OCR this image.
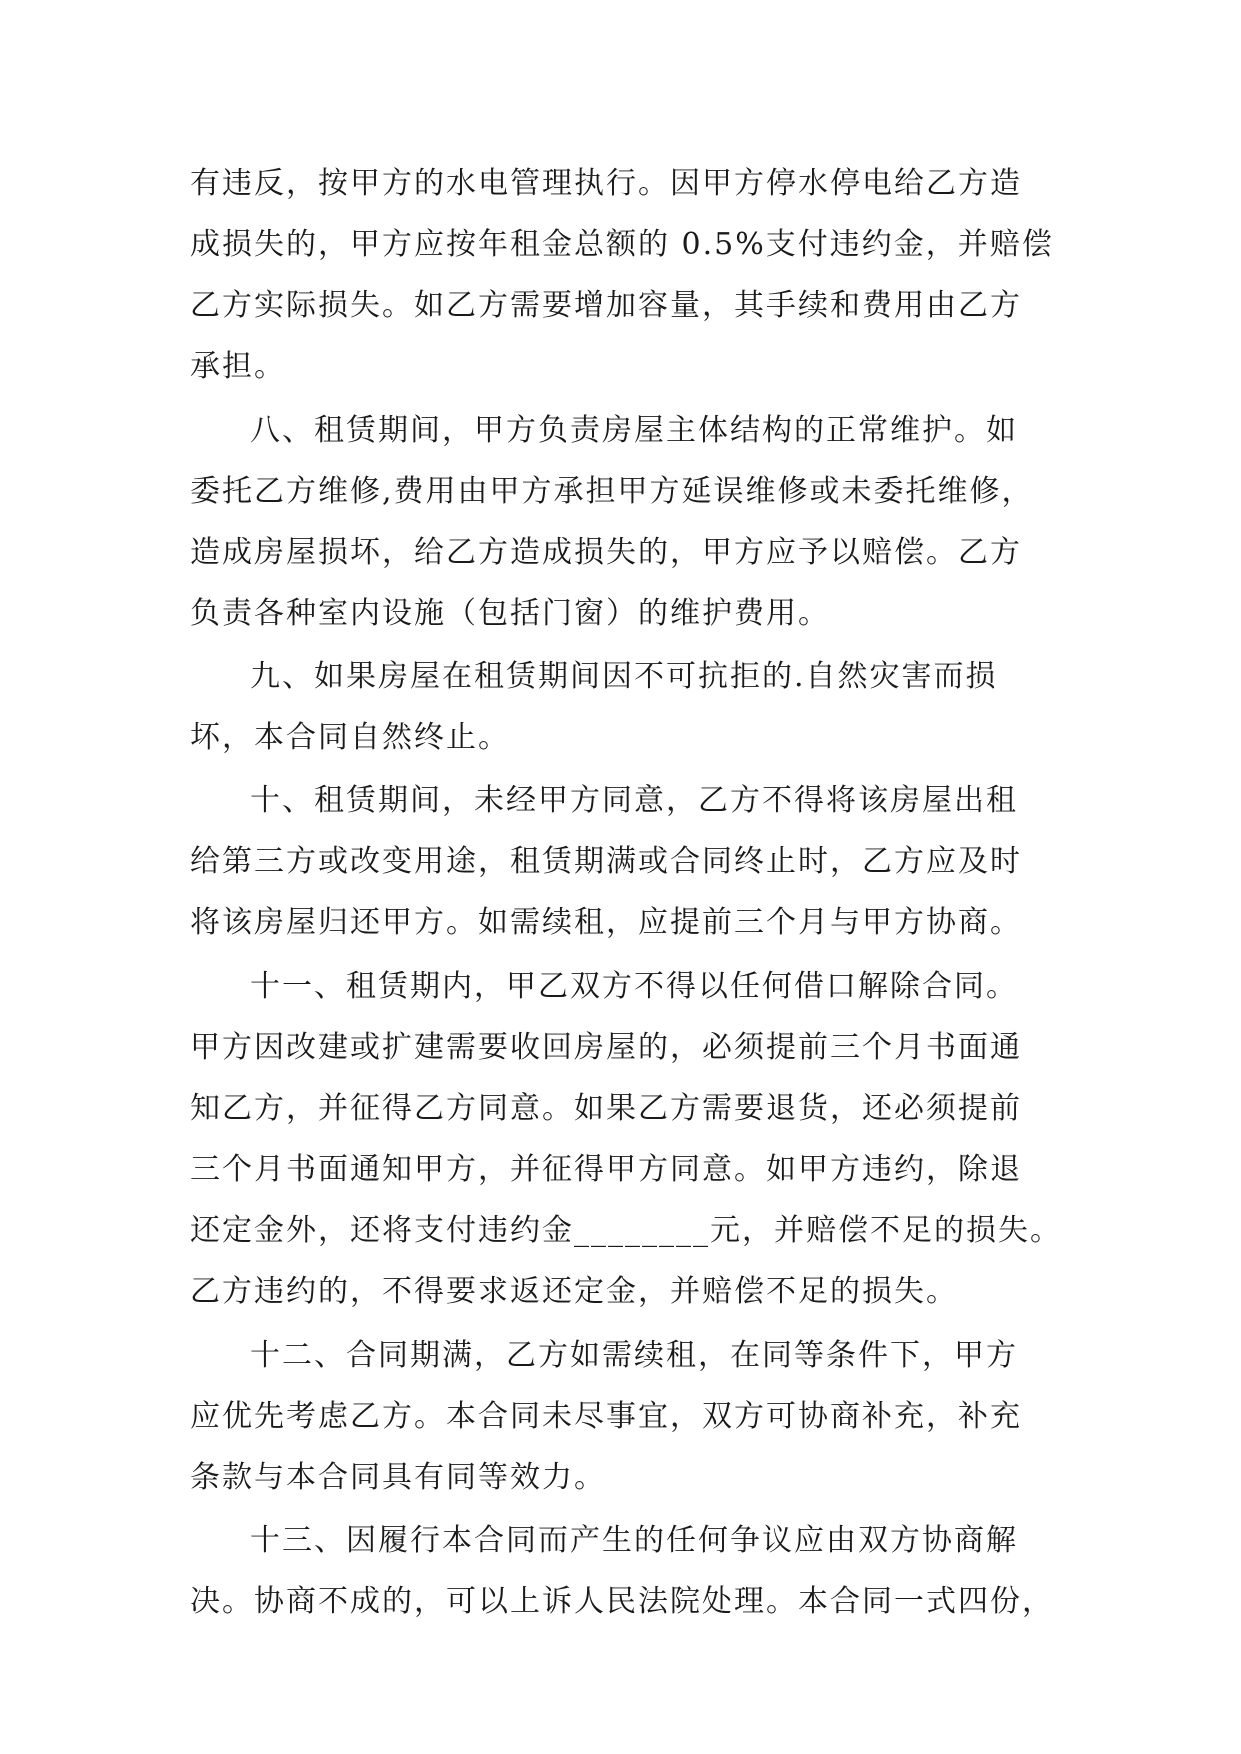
有违反，按甲方的水电管理执行。因甲方停水停电给乙方造
成损失的，甲方应按年租金总额的 0.5%支付违约金，并赔偿
乙方实际损失。如乙方需要增加容量，其手续和费用由乙方
承担。
八、租赁期间，甲方负责房屋主体结构的正常维护。如
委托乙方维修,费用由甲方承担甲方延误维修或未委托维修，
造成房屋损坏，给乙方造成损失的，甲方应予以赔偿。乙方
负责各种室内设施（包括门窗）的维护费用。
九、如果房屋在租赁期间因不可抗拒的.自然灾害而损
坏，本合同自然终止。
十、租赁期间，未经甲方同意，乙方不得将该房屋出租
给第三方或改变用途，租赁期满或合同终止时，乙方应及时
将该房屋归还甲方。如需续租，应提前三个月与甲方协商。
十一、租赁期内，甲乙双方不得以任何借口解除合同。
甲方因改建或扩建需要收回房屋的，必须提前三个月书面通
知乙方，并征得乙方同意。如果乙方需要退货，还必须提前
三个月书面通知甲方，并征得甲方同意。如甲方违约，除退
还定金外，还将支付违约金________元，并赔偿不足的损失。
乙方违约的，不得要求返还定金，并赔偿不足的损失。
十二、合同期满，乙方如需续租，在同等条件下，甲方
应优先考虑乙方。本合同未尽事宜，双方可协商补充，补充
条款与本合同具有同等效力。
十三、因履行本合同而产生的任何争议应由双方协商解
决。协商不成的，可以上诉人民法院处理。本合同一式四份，
